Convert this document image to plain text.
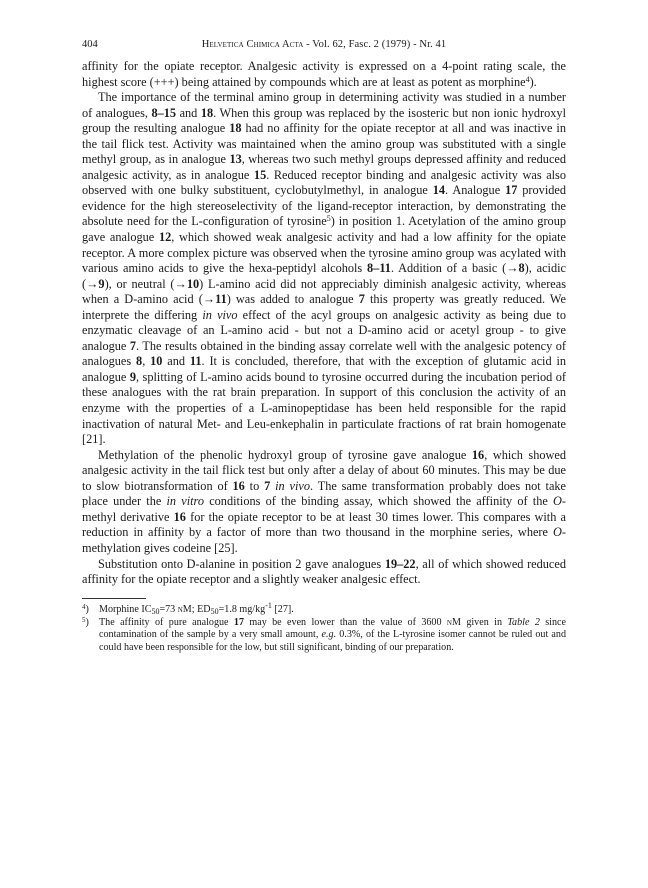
404	Helvetica Chimica Acta - Vol. 62, Fasc. 2 (1979) - Nr. 41

affinity for the opiate receptor. Analgesic activity is expressed on a 4-point rating scale, the highest score (+++) being attained by compounds which are at least as potent as morphine$^4$).

The importance of the terminal amino group in determining activity was studied in a number of analogues, 8–15 and 18. When this group was replaced by the isosteric but non ionic hydroxyl group the resulting analogue 18 had no affinity for the opiate receptor at all and was inactive in the tail flick test. Activity was maintained when the amino group was substituted with a single methyl group, as in analogue 13, whereas two such methyl groups depressed affinity and reduced analgesic activity, as in analogue 15. Reduced receptor binding and analgesic activity was also observed with one bulky substituent, cyclobutylmethyl, in analogue 14. Analogue 17 provided evidence for the high stereoselectivity of the ligand-receptor interaction, by demonstrating the absolute need for the L-configuration of tyrosine$^5$) in position 1. Acetylation of the amino group gave analogue 12, which showed weak analgesic activity and had a low affinity for the opiate receptor. A more complex picture was observed when the tyrosine amino group was acylated with various amino acids to give the hexa-peptidyl alcohols 8–11. Addition of a basic (→8), acidic (→9), or neutral (→10) L-amino acid did not appreciably diminish analgesic activity, whereas when a D-amino acid (→11) was added to analogue 7 this property was greatly reduced. We interprete the differing in vivo effect of the acyl groups on analgesic activity as being due to enzymatic cleavage of an L-amino acid - but not a D-amino acid or acetyl group - to give analogue 7. The results obtained in the binding assay correlate well with the analgesic potency of analogues 8, 10 and 11. It is concluded, therefore, that with the exception of glutamic acid in analogue 9, splitting of L-amino acids bound to tyrosine occurred during the incubation period of these analogues with the rat brain preparation. In support of this conclusion the activity of an enzyme with the properties of a L-aminopeptidase has been held responsible for the rapid inactivation of natural Met- and Leu-enkephalin in particulate fractions of rat brain homogenate [21].

Methylation of the phenolic hydroxyl group of tyrosine gave analogue 16, which showed analgesic activity in the tail flick test but only after a delay of about 60 minutes. This may be due to slow biotransformation of 16 to 7 in vivo. The same transformation probably does not take place under the in vitro conditions of the binding assay, which showed the affinity of the O-methyl derivative 16 for the opiate receptor to be at least 30 times lower. This compares with a reduction in affinity by a factor of more than two thousand in the morphine series, where O-methylation gives codeine [25].

Substitution onto D-alanine in position 2 gave analogues 19–22, all of which showed reduced affinity for the opiate receptor and a slightly weaker analgesic effect.

$^4$)	Morphine $IC_{50}=73$ nM; $ED_{50}=1.8$ $mg/kg^{-1}$ [27].
$^5$)	The affinity of pure analogue 17 may be even lower than the value of 3600 nM given in Table 2 since contamination of the sample by a very small amount, e.g. 0.3%, of the L-tyrosine isomer cannot be ruled out and could have been responsible for the low, but still significant, binding of our preparation.
